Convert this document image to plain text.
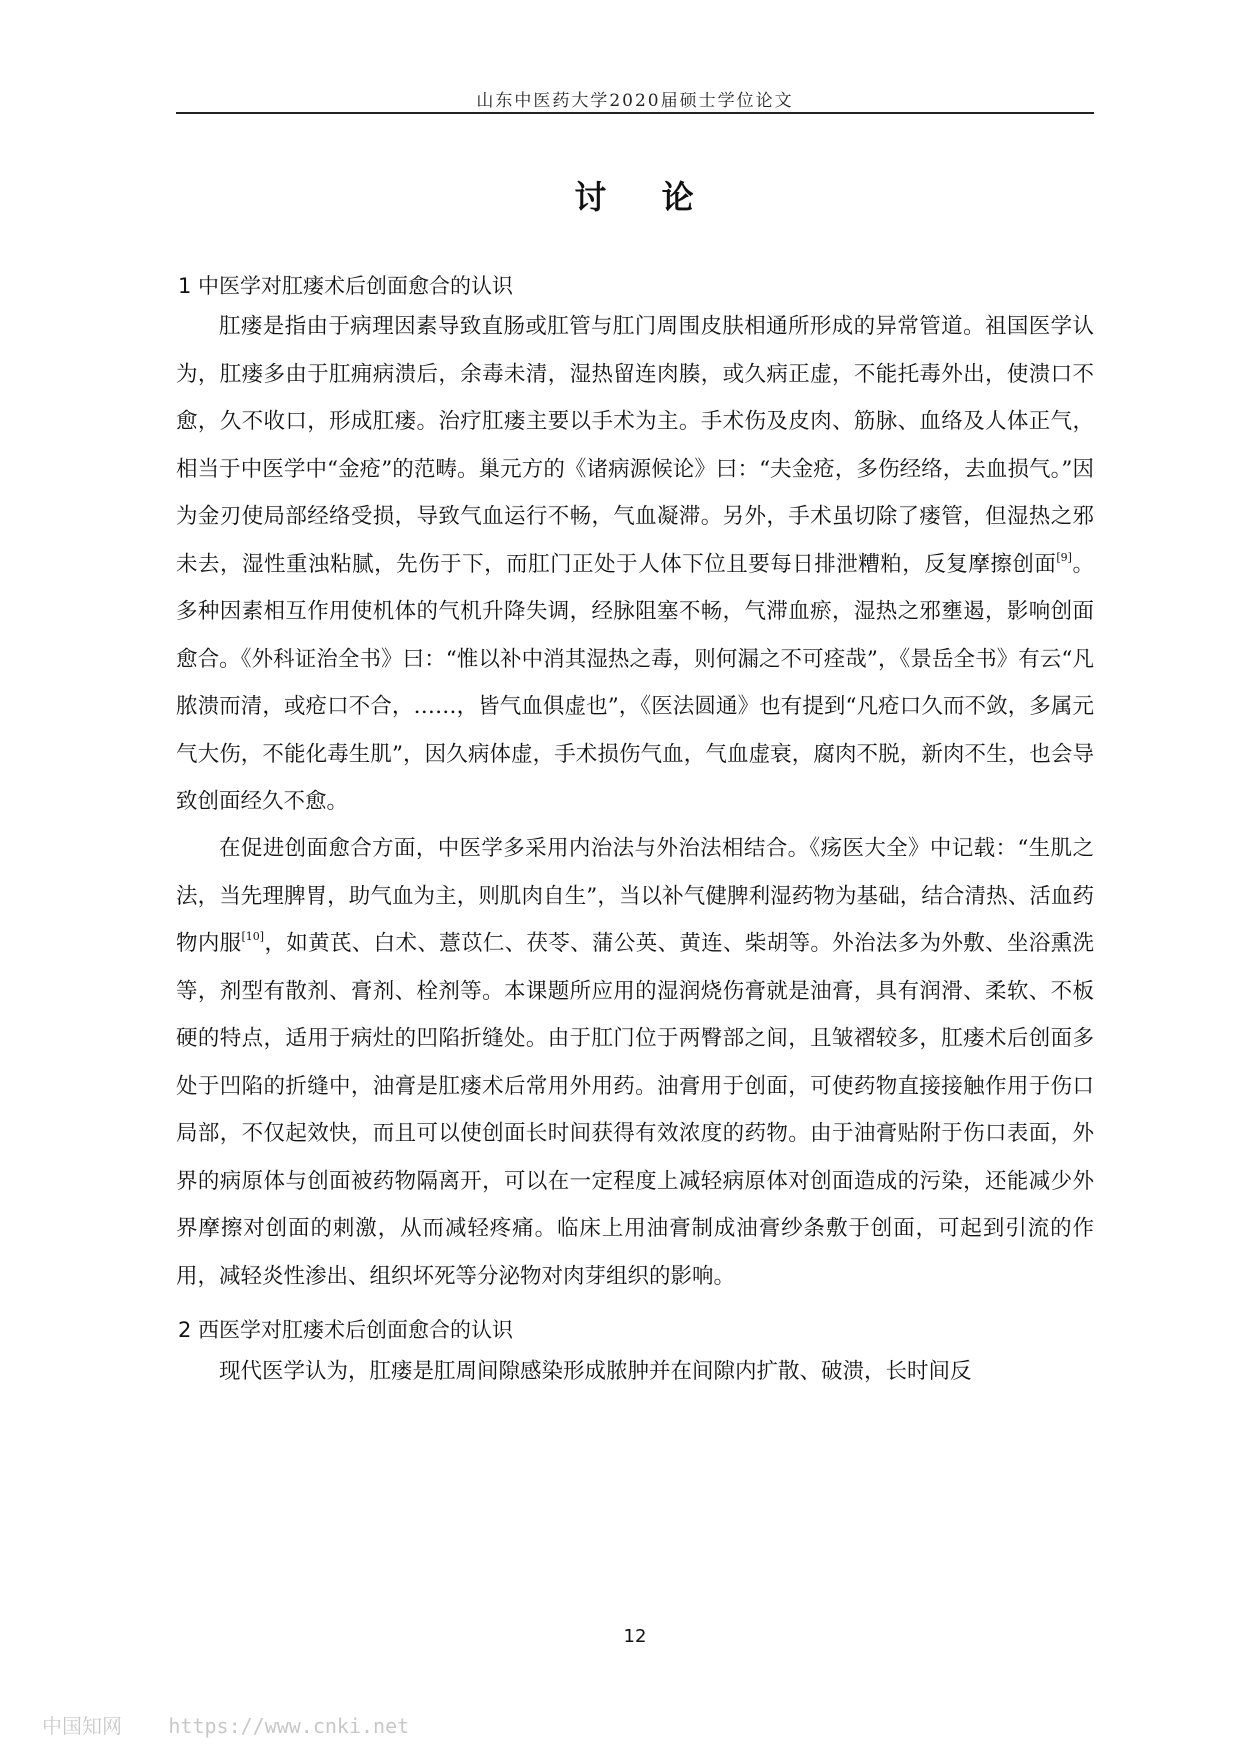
山东中医药大学2020届硕士学位论文
讨 论
1 中医学对肛瘘术后创面愈合的认识

肛瘘是指由于病理因素导致直肠或肛管与肛门周围皮肤相通所形成的异常管道。祖国医学认为，肛瘘多由于肛痈病溃后，余毒未清，湿热留连肉腠，或久病正虚，不能托毒外出，使溃口不愈，久不收口，形成肛瘘。治疗肛瘘主要以手术为主。手术伤及皮肉、筋脉、血络及人体正气，相当于中医学中“金疮”的范畴。巢元方的《诸病源候论》曰：“夫金疮，多伤经络，去血损气。”因为金刃使局部经络受损，导致气血运行不畅，气血凝滞。另外，手术虽切除了瘘管，但湿热之邪未去，湿性重浊粘腻，先伤于下，而肛门正处于人体下位且要每日排泄糟粕，反复摩擦创面[9]。多种因素相互作用使机体的气机升降失调，经脉阻塞不畅，气滞血瘀，湿热之邪壅遏，影响创面愈合。《外科证治全书》曰：“惟以补中消其湿热之毒，则何漏之不可痊哉”，《景岳全书》有云“凡脓溃而清，或疮口不合，……，皆气血俱虚也”，《医法圆通》也有提到“凡疮口久而不敛，多属元气大伤，不能化毒生肌”，因久病体虚，手术损伤气血，气血虚衰，腐肉不脱，新肉不生，也会导致创面经久不愈。

在促进创面愈合方面，中医学多采用内治法与外治法相结合。《疡医大全》中记载：“生肌之法，当先理脾胃，助气血为主，则肌肉自生”，当以补气健脾利湿药物为基础，结合清热、活血药物内服[10]，如黄芪、白术、薏苡仁、茯苓、蒲公英、黄连、柴胡等。外治法多为外敷、坐浴熏洗等，剂型有散剂、膏剂、栓剂等。本课题所应用的湿润烧伤膏就是油膏，具有润滑、柔软、不板硬的特点，适用于病灶的凹陷折缝处。由于肛门位于两臀部之间，且皱褶较多，肛瘘术后创面多处于凹陷的折缝中，油膏是肛瘘术后常用外用药。油膏用于创面，可使药物直接接触作用于伤口局部，不仅起效快，而且可以使创面长时间获得有效浓度的药物。由于油膏贴附于伤口表面，外界的病原体与创面被药物隔离开，可以在一定程度上减轻病原体对创面造成的污染，还能减少外界摩擦对创面的刺激，从而减轻疼痛。临床上用油膏制成油膏纱条敷于创面，可起到引流的作用，减轻炎性渗出、组织坏死等分泌物对肉芽组织的影响。

2 西医学对肛瘘术后创面愈合的认识

现代医学认为，肛瘘是肛周间隙感染形成脓肿并在间隙内扩散、破溃，长时间反

12
中国知网 https://www.cnki.net
